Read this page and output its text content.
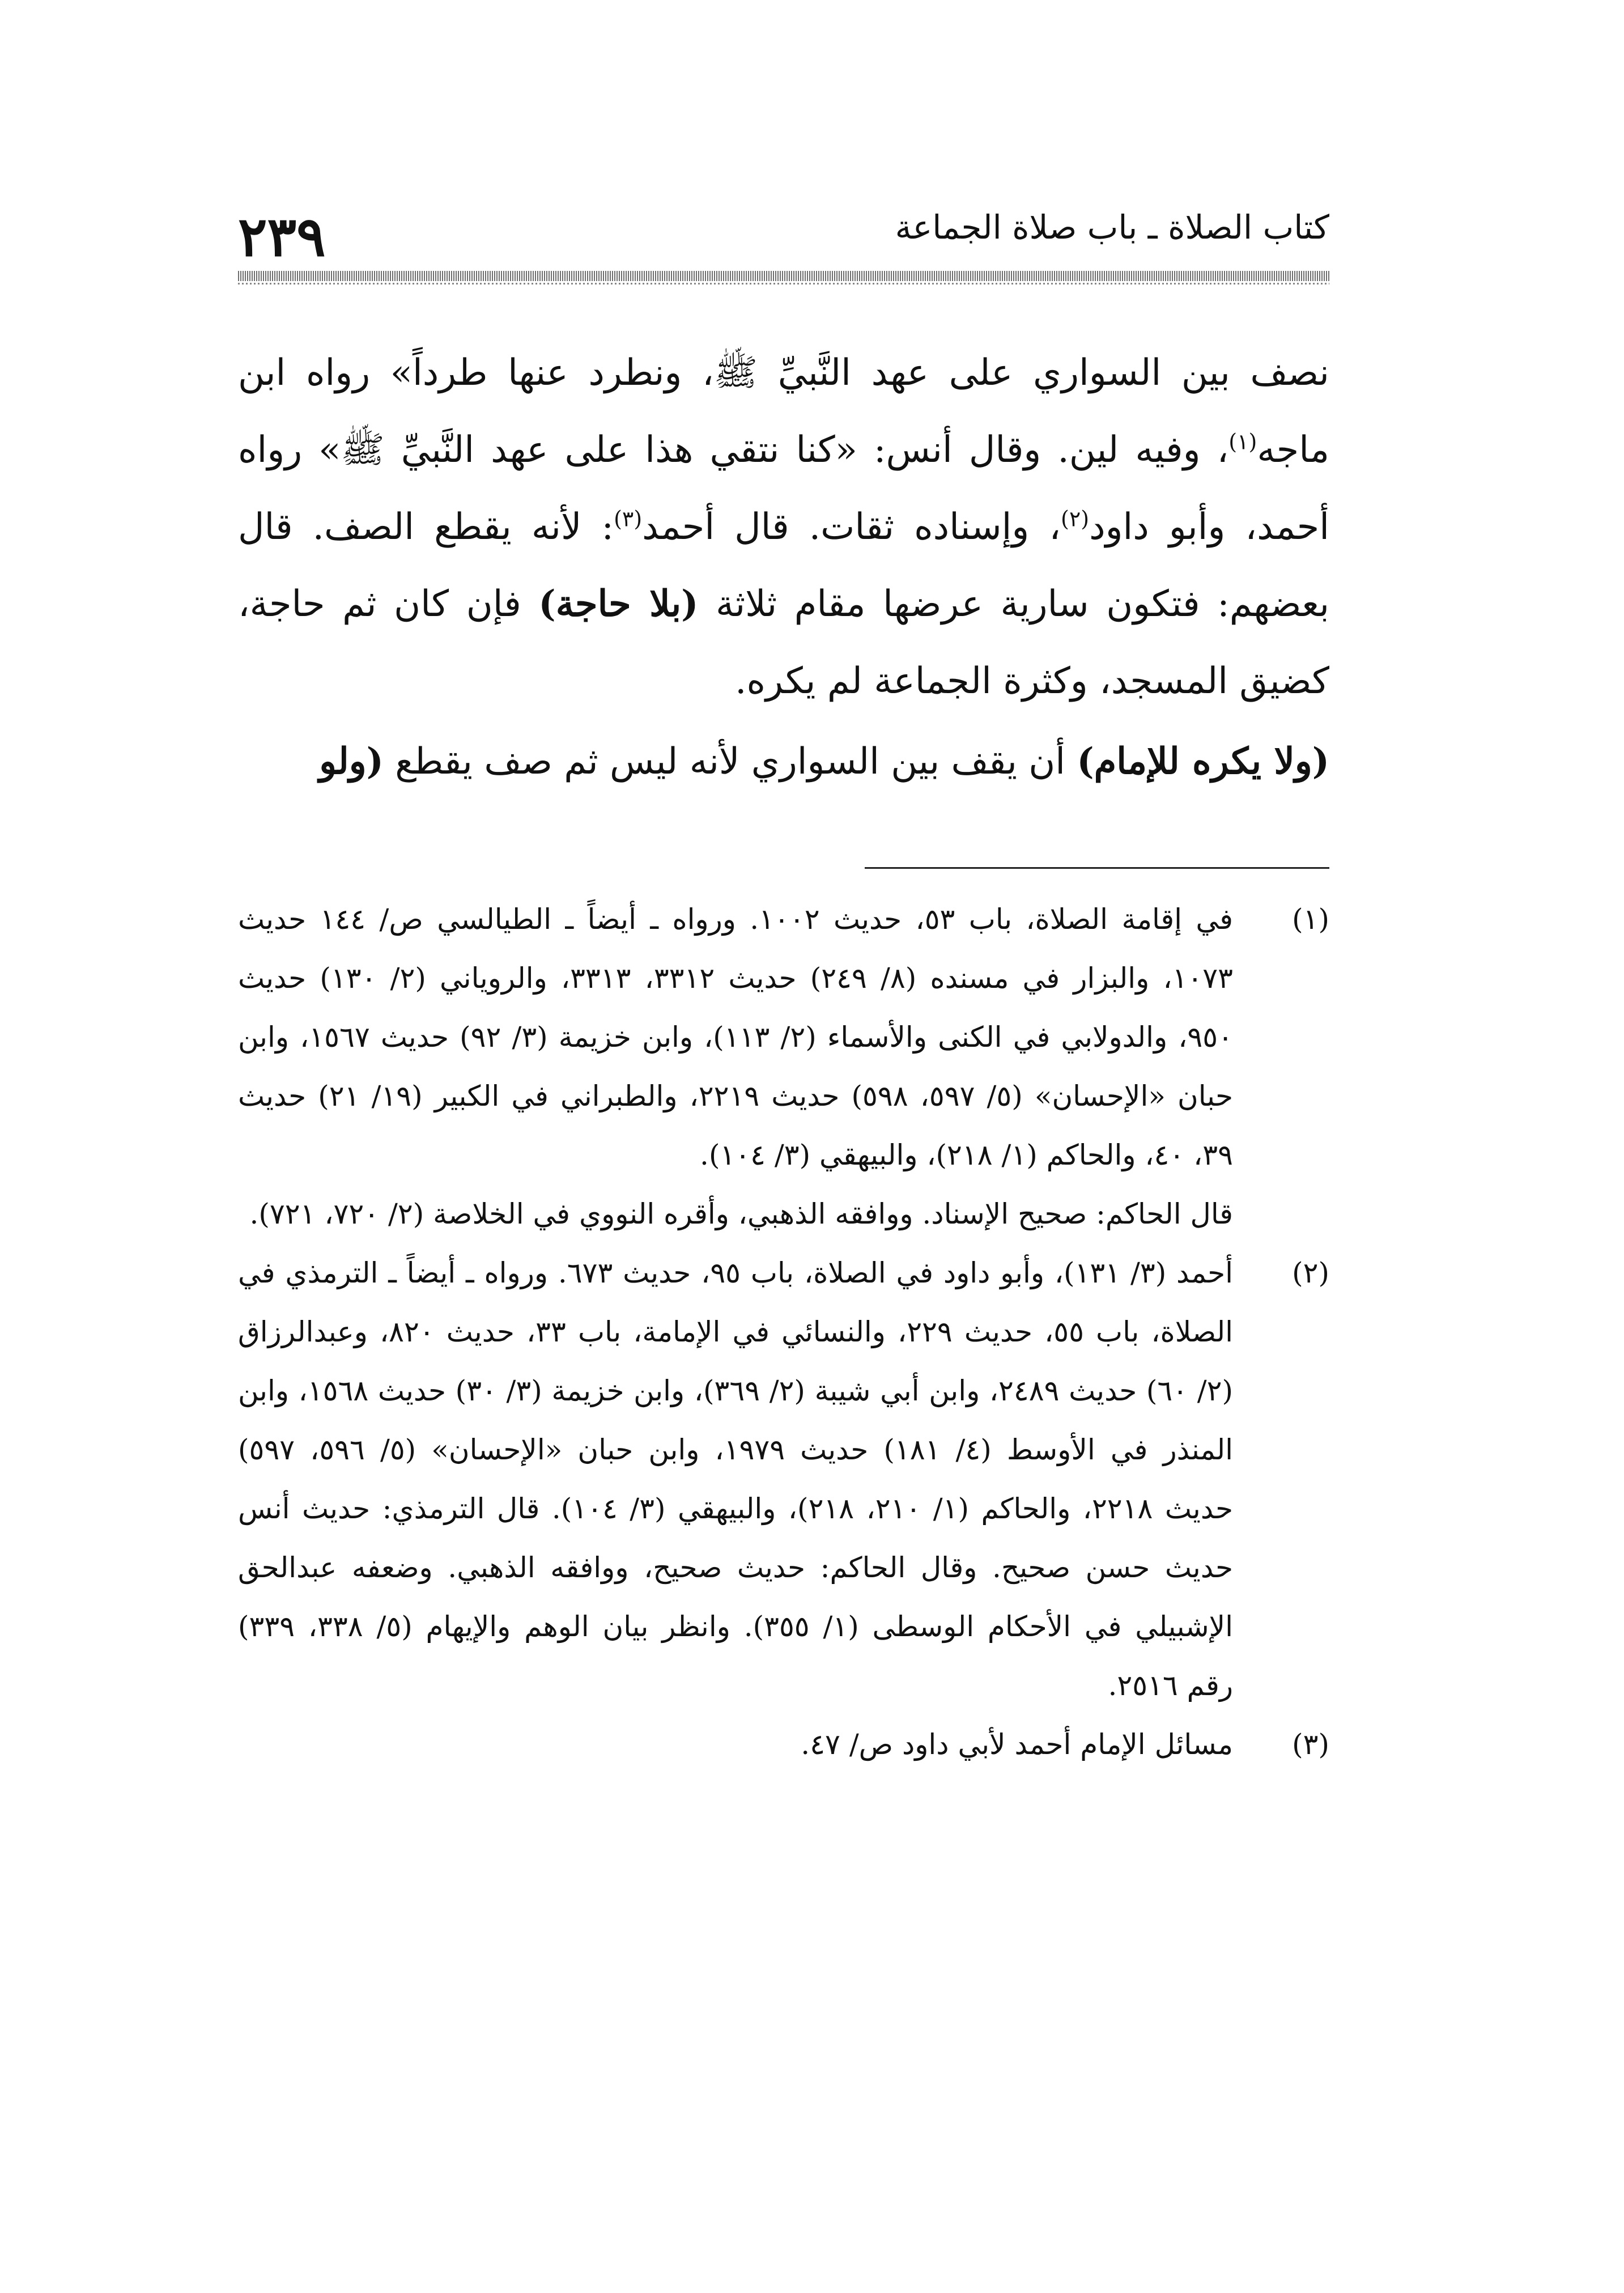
٢٣٩	كتاب الصلاة ـ باب صلاة الجماعة

نصف بين السواري على عهد النَّبيِّ ﷺ، ونطرد عنها طرداً» رواه ابن ماجه$^{(١)}$، وفيه لين. وقال أنس: «كنا نتقي هذا على عهد النَّبيِّ ﷺ» رواه أحمد، وأبو داود$^{(٢)}$، وإسناده ثقات. قال أحمد$^{(٣)}$: لأنه يقطع الصف. قال بعضهم: فتكون سارية عرضها مقام ثلاثة (بلا حاجة) فإن كان ثم حاجة، كضيق المسجد، وكثرة الجماعة لم يكره.

(ولا يكره للإمام) أن يقف بين السواري لأنه ليس ثم صف يقطع (ولو

(١)

في إقامة الصلاة، باب ٥٣، حديث ١٠٠٢. ورواه ـ أيضاً ـ الطيالسي ص/ ١٤٤ حديث ١٠٧٣، والبزار في مسنده (٨/ ٢٤٩) حديث ٣٣١٢، ٣٣١٣، والروياني (٢/ ١٣٠) حديث ٩٥٠، والدولابي في الكنى والأسماء (٢/ ١١٣)، وابن خزيمة (٣/ ٩٢) حديث ١٥٦٧، وابن حبان «الإحسان» (٥/ ٥٩٧، ٥٩٨) حديث ٢٢١٩، والطبراني في الكبير (١٩/ ٢١) حديث ٣٩، ٤٠، والحاكم (١/ ٢١٨)، والبيهقي (٣/ ١٠٤).

قال الحاكم: صحيح الإسناد. ووافقه الذهبي، وأقره النووي في الخلاصة (٢/ ٧٢٠، ٧٢١).

(٢)

أحمد (٣/ ١٣١)، وأبو داود في الصلاة، باب ٩٥، حديث ٦٧٣. ورواه ـ أيضاً ـ الترمذي في الصلاة، باب ٥٥، حديث ٢٢٩، والنسائي في الإمامة، باب ٣٣، حديث ٨٢٠، وعبدالرزاق (٢/ ٦٠) حديث ٢٤٨٩، وابن أبي شيبة (٢/ ٣٦٩)، وابن خزيمة (٣/ ٣٠) حديث ١٥٦٨، وابن المنذر في الأوسط (٤/ ١٨١) حديث ١٩٧٩، وابن حبان «الإحسان» (٥/ ٥٩٦، ٥٩٧) حديث ٢٢١٨، والحاكم (١/ ٢١٠، ٢١٨)، والبيهقي (٣/ ١٠٤). قال الترمذي: حديث أنس حديث حسن صحيح. وقال الحاكم: حديث صحيح، ووافقه الذهبي. وضعفه عبدالحق الإشبيلي في الأحكام الوسطى (١/ ٣٥٥). وانظر بيان الوهم والإيهام (٥/ ٣٣٨، ٣٣٩) رقم ٢٥١٦.

(٣)

مسائل الإمام أحمد لأبي داود ص/ ٤٧.
